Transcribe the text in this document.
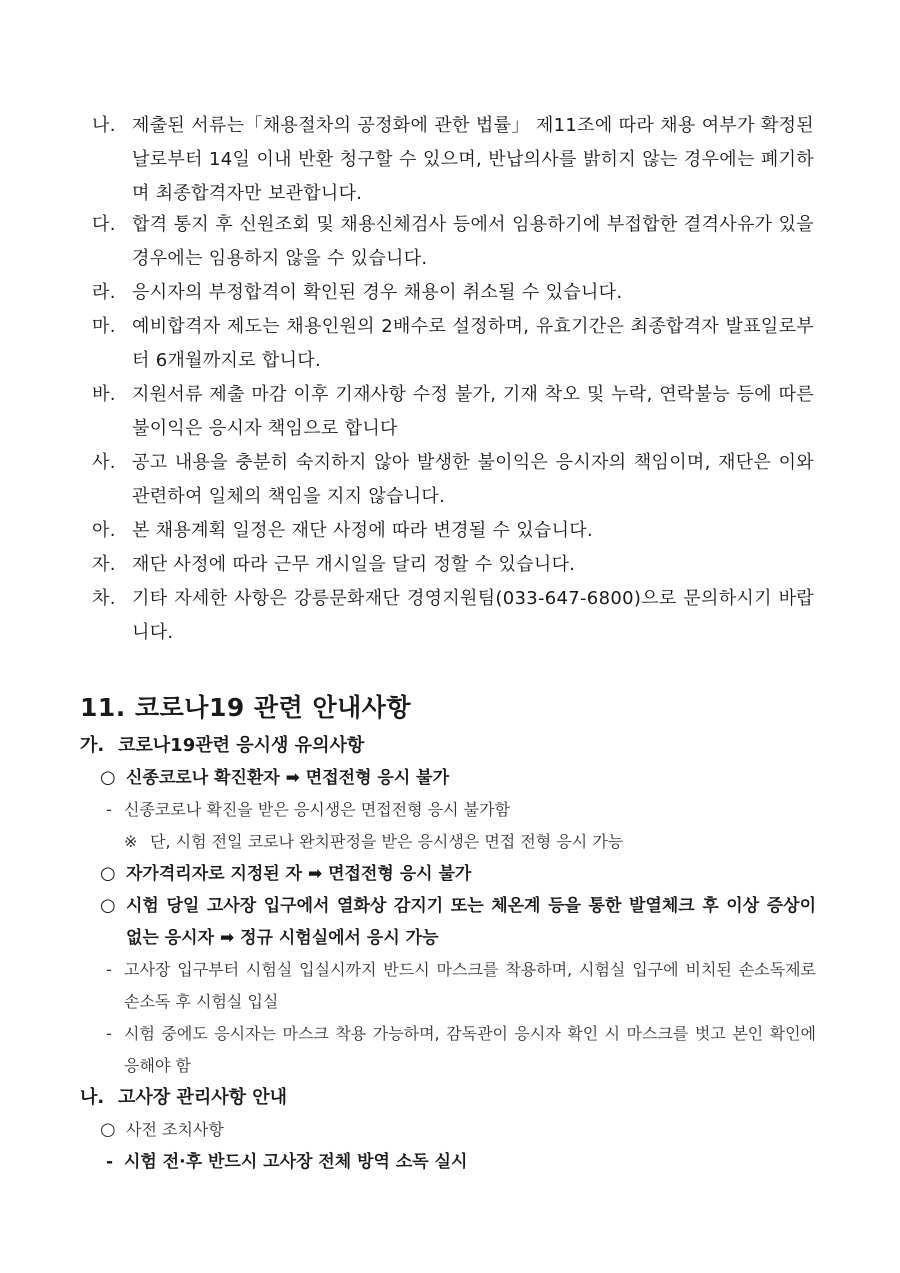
나. 제출된 서류는「채용절차의 공정화에 관한 법률」 제11조에 따라 채용 여부가 확정된 날로부터 14일 이내 반환 청구할 수 있으며, 반납의사를 밝히지 않는 경우에는 폐기하며 최종합격자만 보관합니다.
다. 합격 통지 후 신원조회 및 채용신체검사 등에서 임용하기에 부접합한 결격사유가 있을 경우에는 임용하지 않을 수 있습니다.
라. 응시자의 부정합격이 확인된 경우 채용이 취소될 수 있습니다.
마. 예비합격자 제도는 채용인원의 2배수로 설정하며, 유효기간은 최종합격자 발표일로부터 6개월까지로 합니다.
바. 지원서류 제출 마감 이후 기재사항 수정 불가, 기재 착오 및 누락, 연락불능 등에 따른 불이익은 응시자 책임으로 합니다
사. 공고 내용을 충분히 숙지하지 않아 발생한 불이익은 응시자의 책임이며, 재단은 이와 관련하여 일체의 책임을 지지 않습니다.
아. 본 채용계획 일정은 재단 사정에 따라 변경될 수 있습니다.
자. 재단 사정에 따라 근무 개시일을 달리 정할 수 있습니다.
차. 기타 자세한 사항은 강릉문화재단 경영지원팀(033-647-6800)으로 문의하시기 바랍니다.
11. 코로나19 관련 안내사항
가. 코로나19관련 응시생 유의사항
○ 신종코로나 확진환자 ➡ 면접전형 응시 불가
- 신종코로나 확진을 받은 응시생은 면접전형 응시 불가함
※ 단, 시험 전일 코로나 완치판정을 받은 응시생은 면접 전형 응시 가능
○ 자가격리자로 지정된 자 ➡ 면접전형 응시 불가
○ 시험 당일 고사장 입구에서 열화상 감지기 또는 체온계 등을 통한 발열체크 후 이상 증상이 없는 응시자 ➡ 정규 시험실에서 응시 가능
- 고사장 입구부터 시험실 입실시까지 반드시 마스크를 착용하며, 시험실 입구에 비치된 손소독제로 손소독 후 시험실 입실
- 시험 중에도 응시자는 마스크 착용 가능하며, 감독관이 응시자 확인 시 마스크를 벗고 본인 확인에 응해야 함
나. 고사장 관리사항 안내
○ 사전 조치사항
- 시험 전·후 반드시 고사장 전체 방역 소독 실시
